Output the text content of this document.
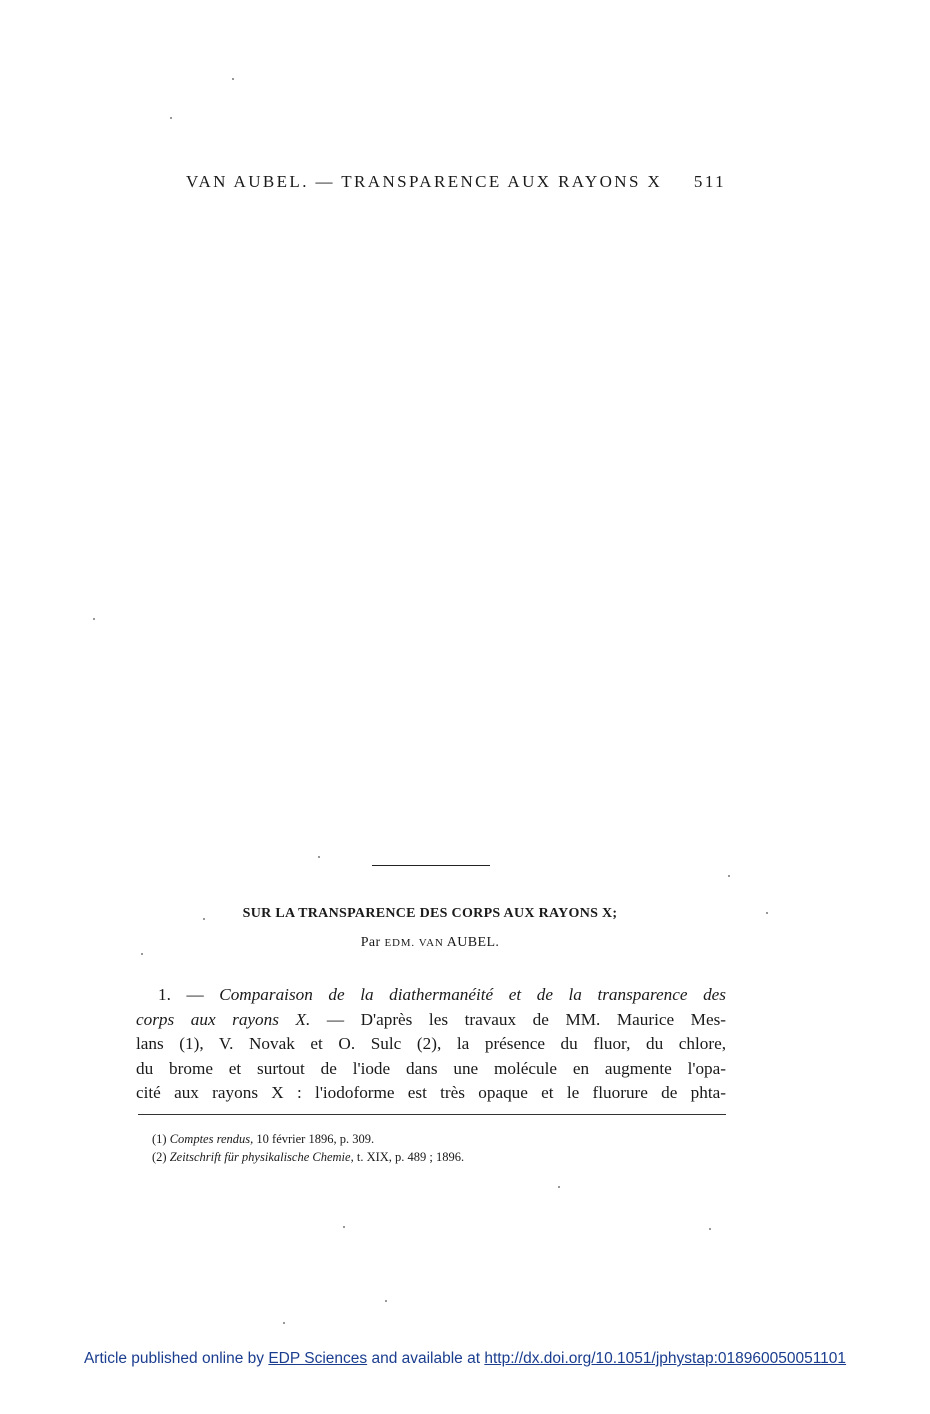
VAN AUBEL. — TRANSPARENCE AUX RAYONS X 511
SUR LA TRANSPARENCE DES CORPS AUX RAYONS X;
Par EDM. VAN AUBEL.
1. — Comparaison de la diathermanéité et de la transparence des
corps aux rayons X. — D'après les travaux de MM. Maurice Mes-
lans (1), V. Novak et O. Sulc (2), la présence du fluor, du chlore,
du brome et surtout de l'iode dans une molécule en augmente l'opa-
cité aux rayons X : l'iodoforme est très opaque et le fluorure de phta-
(1) Comptes rendus, 10 février 1896, p. 309.
(2) Zeitschrift für physikalische Chemie, t. XIX, p. 489 ; 1896.
Article published online by EDP Sciences and available at http://dx.doi.org/10.1051/jphystap:018960050051101
